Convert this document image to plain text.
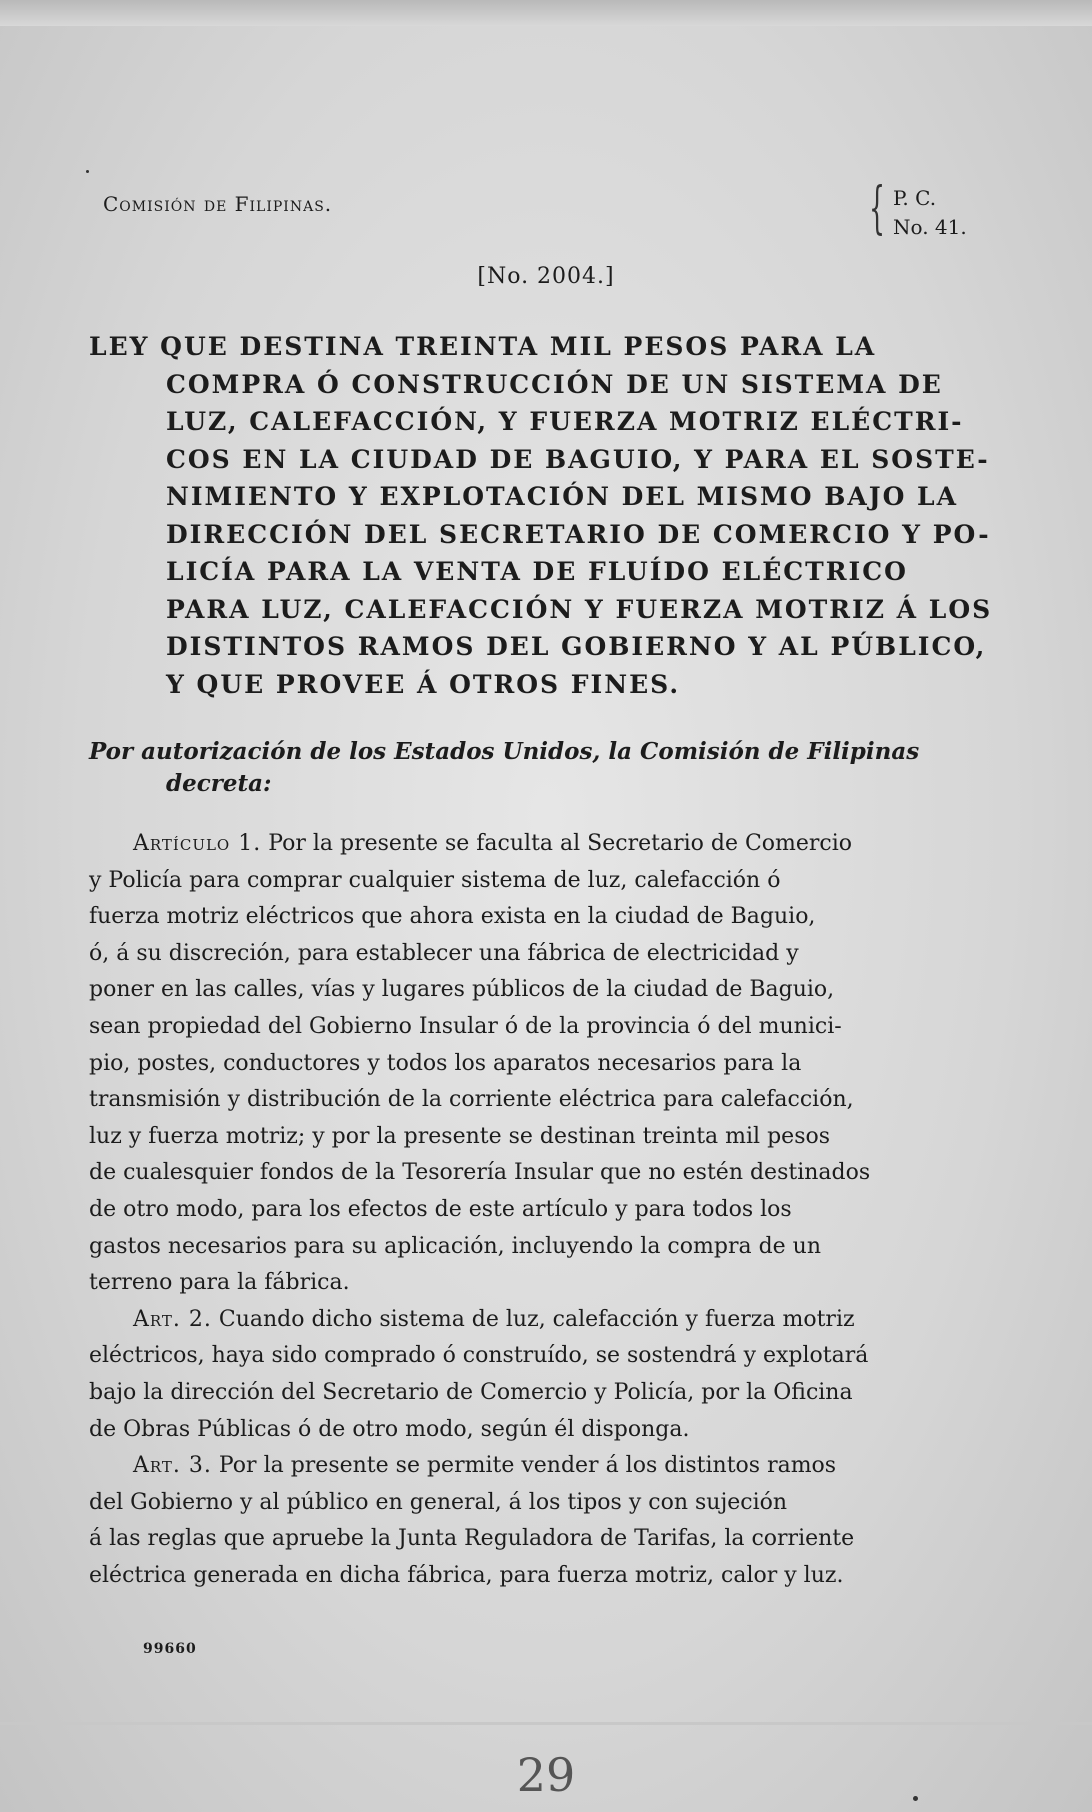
Comisión de Filipinas.	{ P. C.
No. 41.
[No. 2004.]
LEY QUE DESTINA TREINTA MIL PESOS PARA LA
COMPRA Ó CONSTRUCCIÓN DE UN SISTEMA DE
LUZ, CALEFACCIÓN, Y FUERZA MOTRIZ ELÉCTRI-
COS EN LA CIUDAD DE BAGUIO, Y PARA EL SOSTE-
NIMIENTO Y EXPLOTACIÓN DEL MISMO BAJO LA
DIRECCIÓN DEL SECRETARIO DE COMERCIO Y PO-
LICÍA PARA LA VENTA DE FLUÍDO ELÉCTRICO
PARA LUZ, CALEFACCIÓN Y FUERZA MOTRIZ Á LOS
DISTINTOS RAMOS DEL GOBIERNO Y AL PÚBLICO,
Y QUE PROVEE Á OTROS FINES.
Por autorización de los Estados Unidos, la Comisión de Filipinas
decreta:
Artículo 1. Por la presente se faculta al Secretario de Comercio
y Policía para comprar cualquier sistema de luz, calefacción ó
fuerza motriz eléctricos que ahora exista en la ciudad de Baguio,
ó, á su discreción, para establecer una fábrica de electricidad y
poner en las calles, vías y lugares públicos de la ciudad de Baguio,
sean propiedad del Gobierno Insular ó de la provincia ó del munici-
pio, postes, conductores y todos los aparatos necesarios para la
transmisión y distribución de la corriente eléctrica para calefacción,
luz y fuerza motriz; y por la presente se destinan treinta mil pesos
de cualesquier fondos de la Tesorería Insular que no estén destinados
de otro modo, para los efectos de este artículo y para todos los
gastos necesarios para su aplicación, incluyendo la compra de un
terreno para la fábrica.
Art. 2. Cuando dicho sistema de luz, calefacción y fuerza motriz
eléctricos, haya sido comprado ó construído, se sostendrá y explotará
bajo la dirección del Secretario de Comercio y Policía, por la Oficina
de Obras Públicas ó de otro modo, según él disponga.
Art. 3. Por la presente se permite vender á los distintos ramos
del Gobierno y al público en general, á los tipos y con sujeción
á las reglas que apruebe la Junta Reguladora de Tarifas, la corriente
eléctrica generada en dicha fábrica, para fuerza motriz, calor y luz.
99660
29
